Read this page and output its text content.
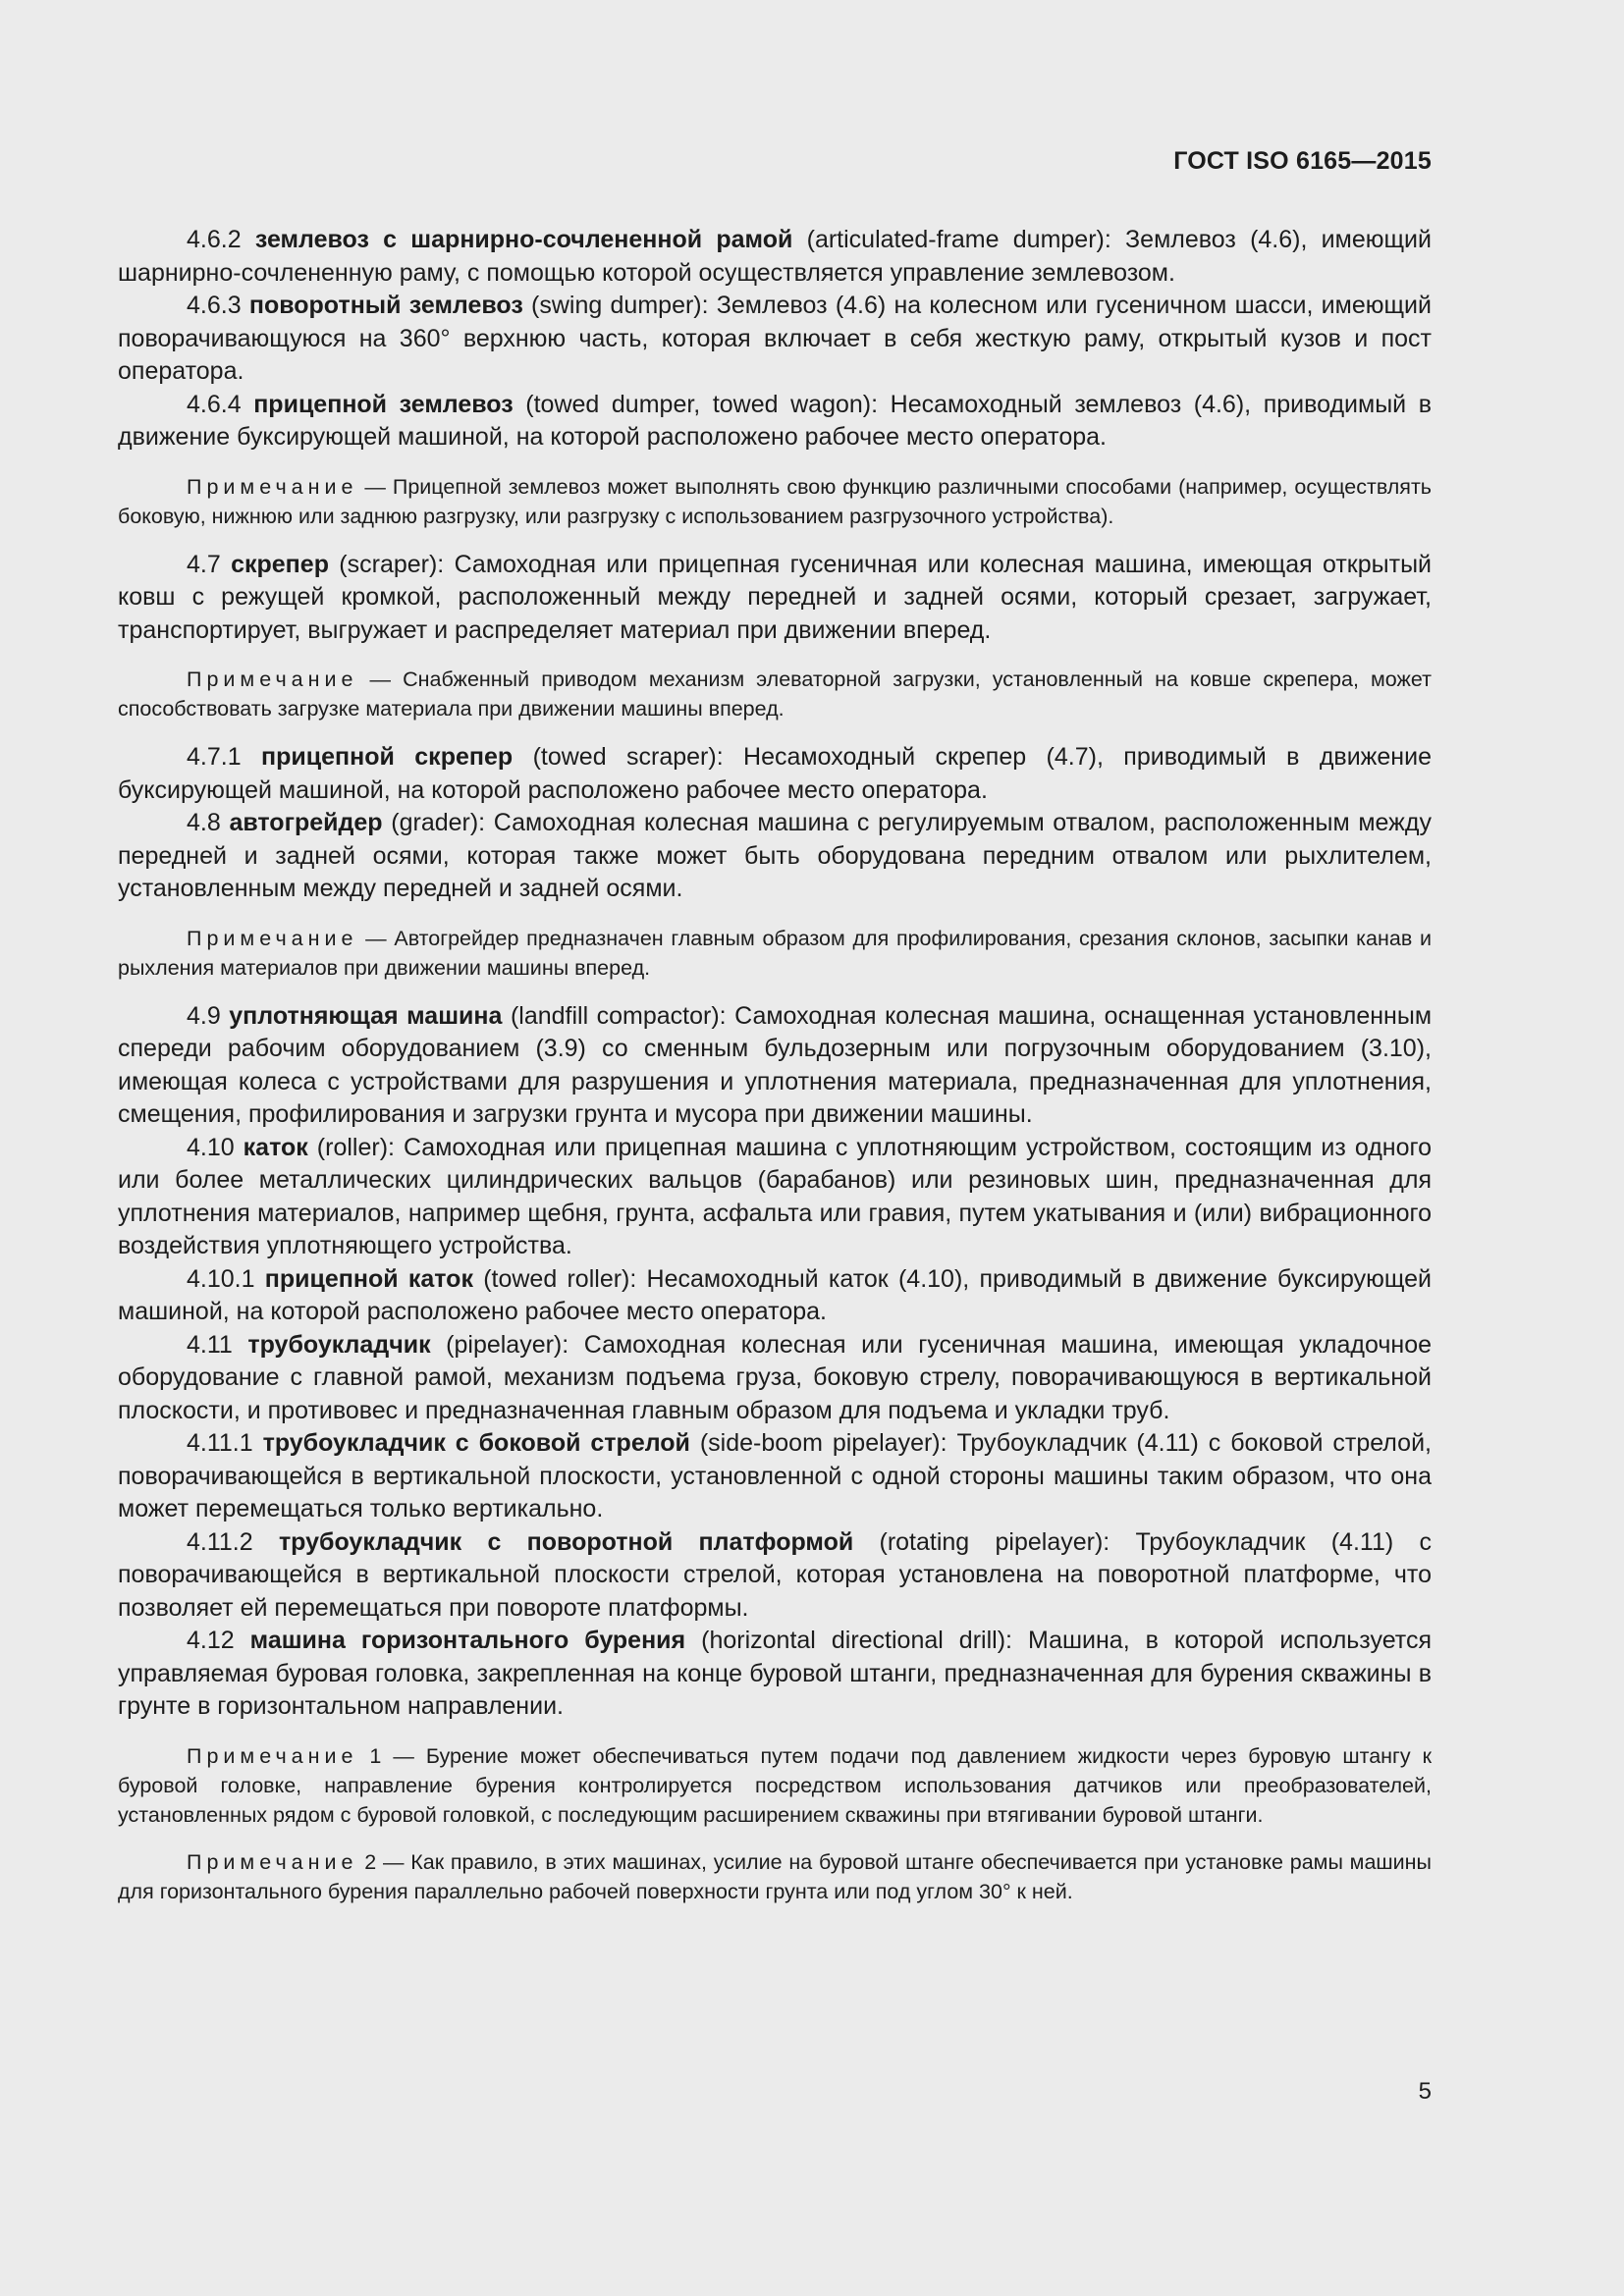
ГОСТ ISO 6165—2015

4.6.2 землевоз с шарнирно-сочлененной рамой (articulated-frame dumper): Землевоз (4.6), имеющий шарнирно-сочлененную раму, с помощью которой осуществляется управление землевозом.

4.6.3 поворотный землевоз (swing dumper): Землевоз (4.6) на колесном или гусеничном шасси, имеющий поворачивающуюся на 360° верхнюю часть, которая включает в себя жесткую раму, открытый кузов и пост оператора.

4.6.4 прицепной землевоз (towed dumper, towed wagon): Несамоходный землевоз (4.6), приводимый в движение буксирующей машиной, на которой расположено рабочее место оператора.

Примечание — Прицепной землевоз может выполнять свою функцию различными способами (например, осуществлять боковую, нижнюю или заднюю разгрузку, или разгрузку с использованием разгрузочного устройства).

4.7 скрепер (scraper): Самоходная или прицепная гусеничная или колесная машина, имеющая открытый ковш с режущей кромкой, расположенный между передней и задней осями, который срезает, загружает, транспортирует, выгружает и распределяет материал при движении вперед.

Примечание — Снабженный приводом механизм элеваторной загрузки, установленный на ковше скрепера, может способствовать загрузке материала при движении машины вперед.

4.7.1 прицепной скрепер (towed scraper): Несамоходный скрепер (4.7), приводимый в движение буксирующей машиной, на которой расположено рабочее место оператора.

4.8 автогрейдер (grader): Самоходная колесная машина с регулируемым отвалом, расположенным между передней и задней осями, которая также может быть оборудована передним отвалом или рыхлителем, установленным между передней и задней осями.

Примечание — Автогрейдер предназначен главным образом для профилирования, срезания склонов, засыпки канав и рыхления материалов при движении машины вперед.

4.9 уплотняющая машина (landfill compactor): Самоходная колесная машина, оснащенная установленным спереди рабочим оборудованием (3.9) со сменным бульдозерным или погрузочным оборудованием (3.10), имеющая колеса с устройствами для разрушения и уплотнения материала, предназначенная для уплотнения, смещения, профилирования и загрузки грунта и мусора при движении машины.

4.10 каток (roller): Самоходная или прицепная машина с уплотняющим устройством, состоящим из одного или более металлических цилиндрических вальцов (барабанов) или резиновых шин, предназначенная для уплотнения материалов, например щебня, грунта, асфальта или гравия, путем укатывания и (или) вибрационного воздействия уплотняющего устройства.

4.10.1 прицепной каток (towed roller): Несамоходный каток (4.10), приводимый в движение буксирующей машиной, на которой расположено рабочее место оператора.

4.11 трубоукладчик (pipelayer): Самоходная колесная или гусеничная машина, имеющая укладочное оборудование с главной рамой, механизм подъема груза, боковую стрелу, поворачивающуюся в вертикальной плоскости, и противовес и предназначенная главным образом для подъема и укладки труб.

4.11.1 трубоукладчик с боковой стрелой (side-boom pipelayer): Трубоукладчик (4.11) с боковой стрелой, поворачивающейся в вертикальной плоскости, установленной с одной стороны машины таким образом, что она может перемещаться только вертикально.

4.11.2 трубоукладчик с поворотной платформой (rotating pipelayer): Трубоукладчик (4.11) с поворачивающейся в вертикальной плоскости стрелой, которая установлена на поворотной платформе, что позволяет ей перемещаться при повороте платформы.

4.12 машина горизонтального бурения (horizontal directional drill): Машина, в которой используется управляемая буровая головка, закрепленная на конце буровой штанги, предназначенная для бурения скважины в грунте в горизонтальном направлении.

Примечание 1 — Бурение может обеспечиваться путем подачи под давлением жидкости через буровую штангу к буровой головке, направление бурения контролируется посредством использования датчиков или преобразователей, установленных рядом с буровой головкой, с последующим расширением скважины при втягивании буровой штанги.

Примечание 2 — Как правило, в этих машинах, усилие на буровой штанге обеспечивается при установке рамы машины для горизонтального бурения параллельно рабочей поверхности грунта или под углом 30° к ней.

5
